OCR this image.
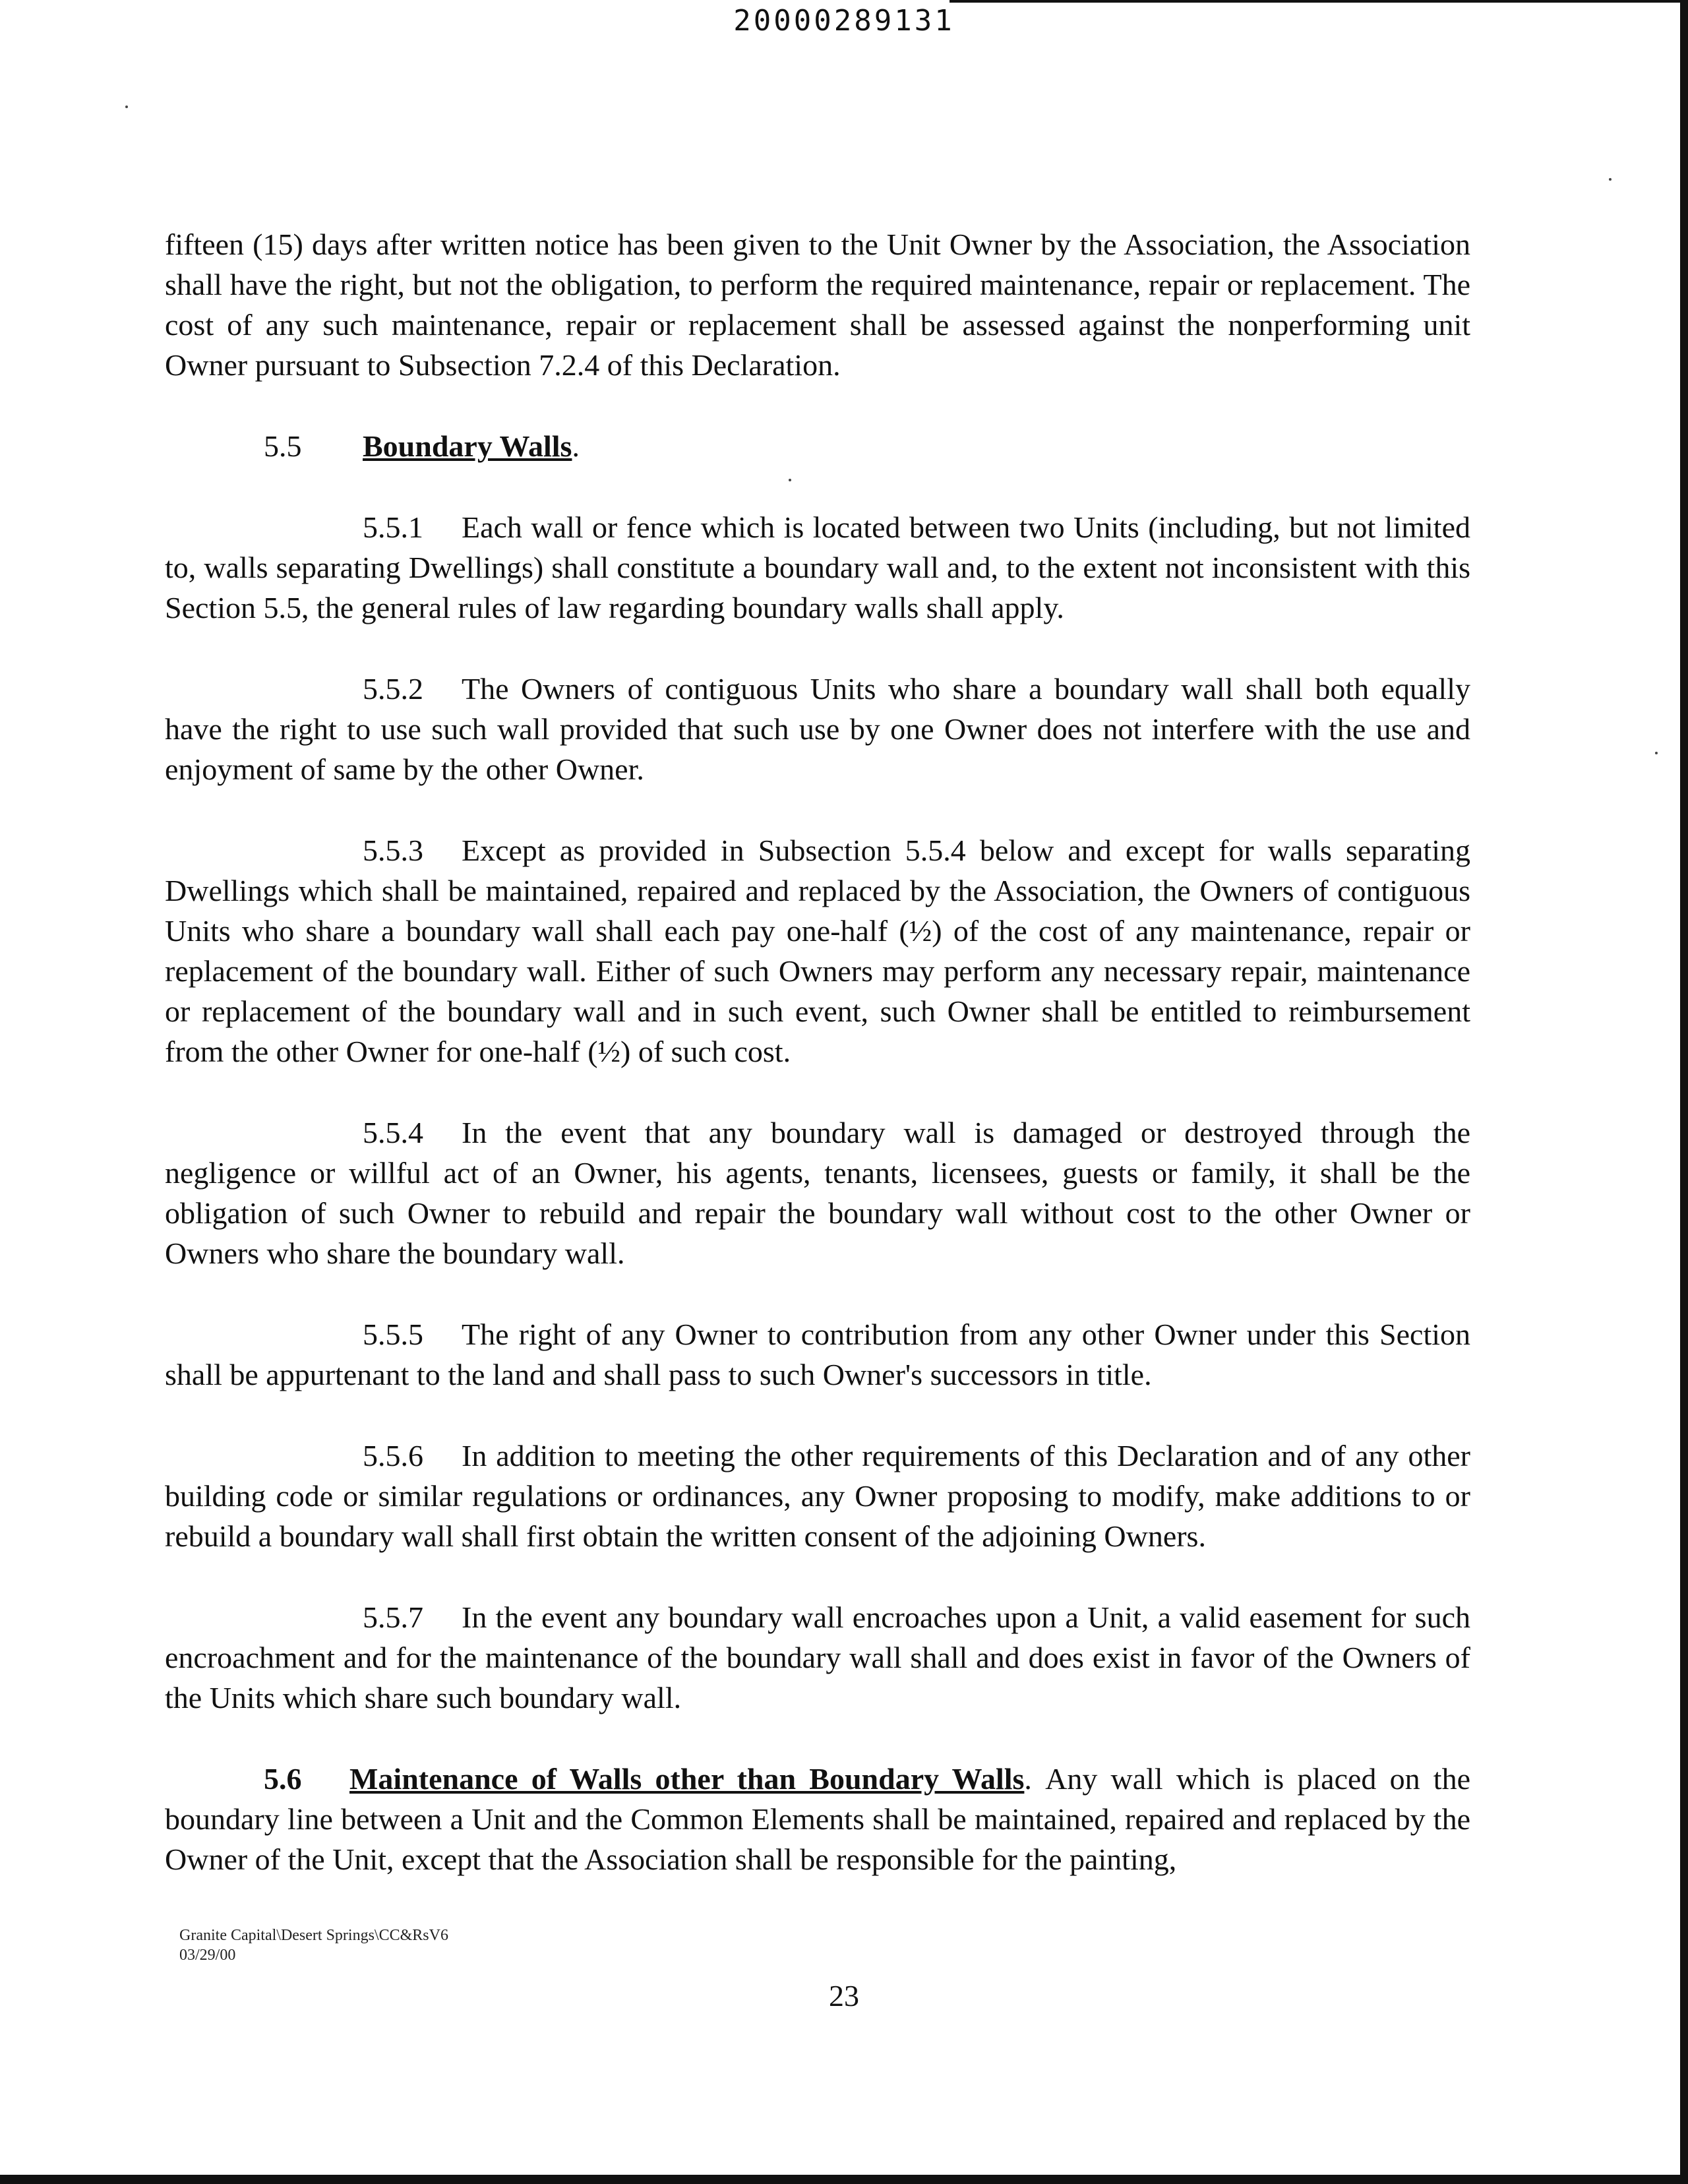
20000289131

fifteen (15) days after written notice has been given to the Unit Owner by the Association, the Association shall have the right, but not the obligation, to perform the required maintenance, repair or replacement. The cost of any such maintenance, repair or replacement shall be assessed against the nonperforming unit Owner pursuant to Subsection 7.2.4 of this Declaration.

5.5 Boundary Walls.

5.5.1 Each wall or fence which is located between two Units (including, but not limited to, walls separating Dwellings) shall constitute a boundary wall and, to the extent not inconsistent with this Section 5.5, the general rules of law regarding boundary walls shall apply.

5.5.2 The Owners of contiguous Units who share a boundary wall shall both equally have the right to use such wall provided that such use by one Owner does not interfere with the use and enjoyment of same by the other Owner.

5.5.3 Except as provided in Subsection 5.5.4 below and except for walls separating Dwellings which shall be maintained, repaired and replaced by the Association, the Owners of contiguous Units who share a boundary wall shall each pay one-half (½) of the cost of any maintenance, repair or replacement of the boundary wall. Either of such Owners may perform any necessary repair, maintenance or replacement of the boundary wall and in such event, such Owner shall be entitled to reimbursement from the other Owner for one-half (½) of such cost.

5.5.4 In the event that any boundary wall is damaged or destroyed through the negligence or willful act of an Owner, his agents, tenants, licensees, guests or family, it shall be the obligation of such Owner to rebuild and repair the boundary wall without cost to the other Owner or Owners who share the boundary wall.

5.5.5 The right of any Owner to contribution from any other Owner under this Section shall be appurtenant to the land and shall pass to such Owner's successors in title.

5.5.6 In addition to meeting the other requirements of this Declaration and of any other building code or similar regulations or ordinances, any Owner proposing to modify, make additions to or rebuild a boundary wall shall first obtain the written consent of the adjoining Owners.

5.5.7 In the event any boundary wall encroaches upon a Unit, a valid easement for such encroachment and for the maintenance of the boundary wall shall and does exist in favor of the Owners of the Units which share such boundary wall.

5.6 Maintenance of Walls other than Boundary Walls. Any wall which is placed on the boundary line between a Unit and the Common Elements shall be maintained, repaired and replaced by the Owner of the Unit, except that the Association shall be responsible for the painting,

Granite Capital\Desert Springs\CC&RsV6
03/29/00
23
